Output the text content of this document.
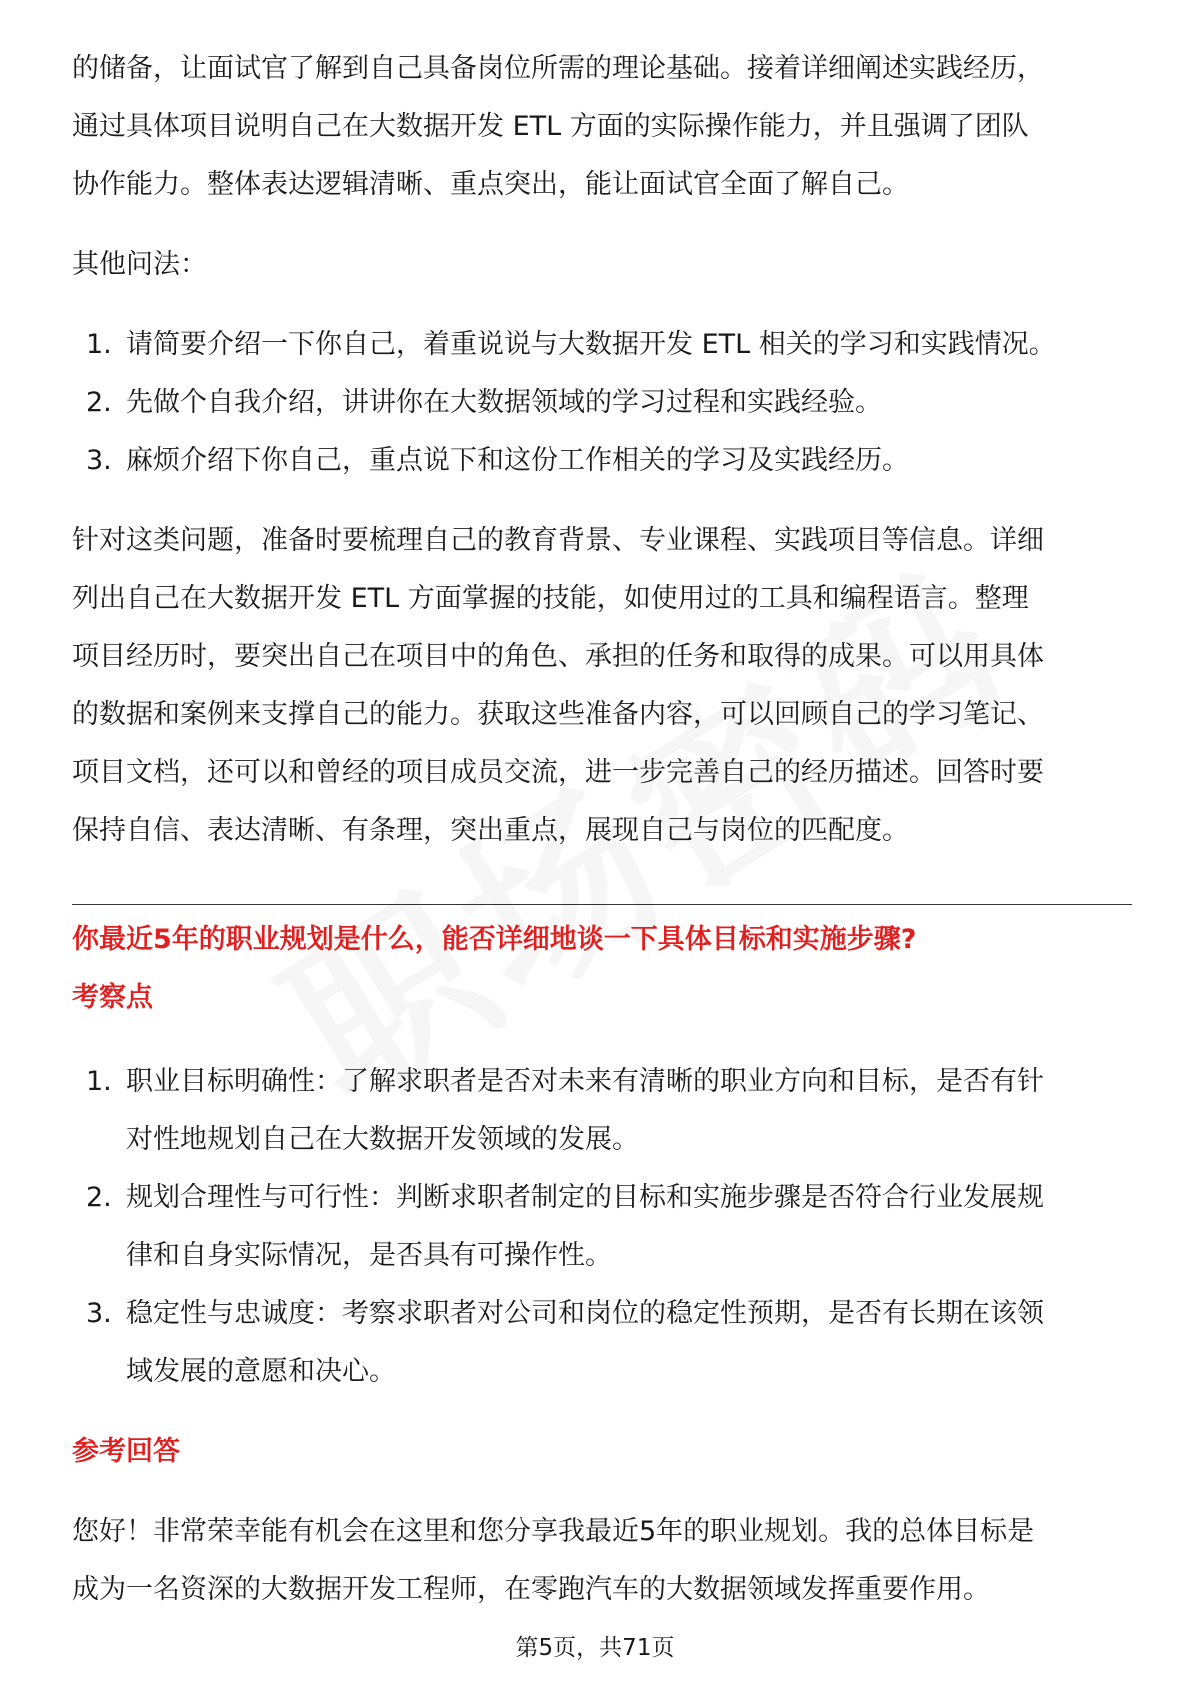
的储备，让面试官了解到自己具备岗位所需的理论基础。接着详细阐述实践经历，

通过具体项目说明自己在大数据开发 ETL 方面的实际操作能力，并且强调了团队

协作能力。整体表达逻辑清晰、重点突出，能让面试官全面了解自己。

其他问法：

1. 请简要介绍一下你自己，着重说说与大数据开发 ETL 相关的学习和实践情况。
2. 先做个自我介绍，讲讲你在大数据领域的学习过程和实践经验。
3. 麻烦介绍下你自己，重点说下和这份工作相关的学习及实践经历。

针对这类问题，准备时要梳理自己的教育背景、专业课程、实践项目等信息。详细

列出自己在大数据开发 ETL 方面掌握的技能，如使用过的工具和编程语言。整理

项目经历时，要突出自己在项目中的角色、承担的任务和取得的成果。可以用具体

的数据和案例来支撑自己的能力。获取这些准备内容，可以回顾自己的学习笔记、

项目文档，还可以和曾经的项目成员交流，进一步完善自己的经历描述。回答时要

保持自信、表达清晰、有条理，突出重点，展现自己与岗位的匹配度。

你最近5年的职业规划是什么，能否详细地谈一下具体目标和实施步骤?

考察点

1. 职业目标明确性：了解求职者是否对未来有清晰的职业方向和目标，是否有针
对性地规划自己在大数据开发领域的发展。
2. 规划合理性与可行性：判断求职者制定的目标和实施步骤是否符合行业发展规
律和自身实际情况，是否具有可操作性。
3. 稳定性与忠诚度：考察求职者对公司和岗位的稳定性预期，是否有长期在该领
域发展的意愿和决心。

参考回答

您好！非常荣幸能有机会在这里和您分享我最近5年的职业规划。我的总体目标是

成为一名资深的大数据开发工程师，在零跑汽车的大数据领域发挥重要作用。

第5页，共71页
